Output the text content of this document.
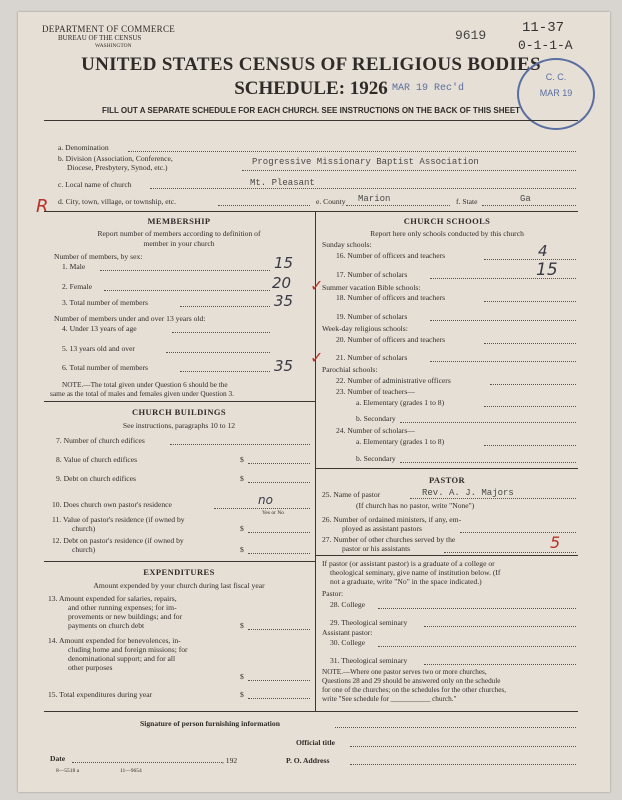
DEPARTMENT OF COMMERCE
BUREAU OF THE CENSUS
WASHINGTON
UNITED STATES CENSUS OF RELIGIOUS BODIES
SCHEDULE: 1926 MAR 19 Rec'd
FILL OUT A SEPARATE SCHEDULE FOR EACH CHURCH. SEE INSTRUCTIONS ON THE BACK OF THIS SHEET
9619	11-37
0-1-1-A
C. C.
MAR 19
R
a. Denomination
b. Division (Association, Conference,
Diocese, Presbytery, Synod, etc.)
Progressive Missionary Baptist Association
c. Local name of church	Mt. Pleasant
d. City, town, village, or township, etc.	e. County Marion	f. State	Ga
MEMBERSHIP
Report number of members according to definition of
member in your church
Number of members, by sex:
1. Male	15
2. Female	20
3. Total number of members	35
Number of members under and over 13 years old:
4. Under 13 years of age
5. 13 years old and over
6. Total number of members	35
NOTE.—The total given under Question 6 should be the
same as the total of males and females given under Question 3.
✓
✓
CHURCH BUILDINGS
See instructions, paragraphs 10 to 12
7. Number of church edifices
8. Value of church edifices	$
9. Debt on church edifices	$
10. Does church own pastor's residence	no
Yes or No
11. Value of pastor's residence (if owned by
church)	$
12. Debt on pastor's residence (if owned by
church)	$
EXPENDITURES
Amount expended by your church during last fiscal year
13. Amount expended for salaries, repairs,
and other running expenses; for im-
provements or new buildings; and for
payments on church debt	$
14. Amount expended for benevolences, in-
cluding home and foreign missions; for
denominational support; and for all
other purposes
$
15. Total expenditures during year	$
CHURCH SCHOOLS
Report here only schools conducted by this church
Sunday schools:
16. Number of officers and teachers	4
17. Number of scholars	15
Summer vacation Bible schools:
18. Number of officers and teachers
19. Number of scholars
Week-day religious schools:
20. Number of officers and teachers
21. Number of scholars
Parochial schools:
22. Number of administrative officers
23. Number of teachers—
a. Elementary (grades 1 to 8)
b. Secondary
24. Number of scholars—
a. Elementary (grades 1 to 8)
b. Secondary
PASTOR
25. Name of pastor	Rev. A. J. Majors
(If church has no pastor, write "None")
26. Number of ordained ministers, if any, em-
ployed as assistant pastors
27. Number of other churches served by the
pastor or his assistants	5
If pastor (or assistant pastor) is a graduate of a college or
theological seminary, give name of institution below. (If
not a graduate, write "No" in the space indicated.)
Pastor:
28. College
29. Theological seminary
Assistant pastor:
30. College
31. Theological seminary
NOTE.—Where one pastor serves two or more churches,
Questions 28 and 29 should be answered only on the schedule
for one of the churches; on the schedules for the other churches,
write "See schedule for ___________ church."
Signature of person furnishing information
Official title
Date	, 192	P. O. Address
8—5518 a	11—9654
